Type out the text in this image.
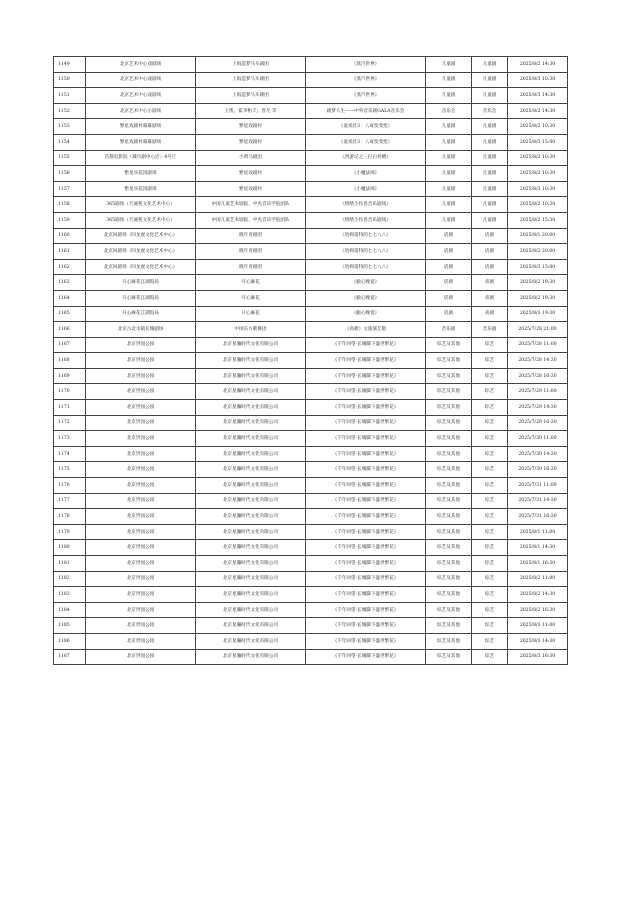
1149	北京艺术中心戏剧场	上海造梦马车剧团	《蒸汽世界》	儿童剧	儿童剧	2025/8/2 14:30
1150	北京艺术中心戏剧场	上海造梦马车剧团	《蒸汽世界》	儿童剧	儿童剧	2025/8/3 10:30
1151	北京艺术中心戏剧场	上海造梦马车剧团	《蒸汽世界》	儿童剧	儿童剧	2025/8/3 14:30
1152	北京艺术中心小剧场	王凯、霍李桁天、晋凡 等	剧梦人生——中外音乐剧GALA音乐会	音乐会	音乐会	2025/8/2 14:30
1153	繁星戏剧村幕幕剧场	繁星戏剧村	《童戏社3：八戒变变变》	儿童剧	儿童剧	2025/8/2 10:30
1154	繁星戏剧村幕幕剧场	繁星戏剧村	《童戏社3：八戒变变变》	儿童剧	儿童剧	2025/8/3 15:00
1155	首都电影院（城市副中心店）4号厅	小黄马剧团	《西游记之三打白骨精》	儿童剧	儿童剧	2025/8/2 10:30
1156	繁星乐花园剧场	繁星戏剧村	《小魔法师》	儿童剧	儿童剧	2025/8/2 10:30
1157	繁星乐花园剧场	繁星戏剧村	《小魔法师》	儿童剧	儿童剧	2025/8/3 10:30
1158	365剧场（天通苑文化艺术中心）	中国儿童艺术剧院、中央音乐学院团队	《情绪小怪兽音乐剧场》	儿童剧	儿童剧	2025/8/2 10:30
1159	365剧场（天通苑文化艺术中心）	中国儿童艺术剧院、中央音乐学院团队	《情绪小怪兽音乐剧场》	儿童剧	儿童剧	2025/8/2 15:30
1160	北京回剧场（回龙观文化艺术中心）	晓年青剧团	《哈姆雷特的七七八八》	话剧	话剧	2025/8/1 20:00
1161	北京回剧场（回龙观文化艺术中心）	晓年青剧团	《哈姆雷特的七七八八》	话剧	话剧	2025/8/2 20:00
1162	北京回剧场（回龙观文化艺术中心）	晓年青剧团	《哈姆雷特的七七八八》	话剧	话剧	2025/8/3 15:00
1163	开心麻花江湖饭局	开心麻花	《偷心晚宴》	话剧	喜剧	2025/8/2 19:30
1164	开心麻花江湖饭局	开心麻花	《偷心晚宴》	话剧	喜剧	2025/8/2 19:30
1165	开心麻花江湖饭局	开心麻花	《偷心晚宴》	话剧	喜剧	2025/8/3 19:30
1166	北京古北水镇长城剧场	中国东方歌舞团	《高歌》文旅演艺版	音乐剧	音乐剧	2025/7/28 21:00
1167	北京世园公园	北京星瀚时代文化有限公司	《千年回望·长城脚下盛世繁花》	综艺及其他	综艺	2025/7/28 11:00
1168	北京世园公园	北京星瀚时代文化有限公司	《千年回望·长城脚下盛世繁花》	综艺及其他	综艺	2025/7/28 14:30
1169	北京世园公园	北京星瀚时代文化有限公司	《千年回望·长城脚下盛世繁花》	综艺及其他	综艺	2025/7/28 16:30
1170	北京世园公园	北京星瀚时代文化有限公司	《千年回望·长城脚下盛世繁花》	综艺及其他	综艺	2025/7/29 11:00
1171	北京世园公园	北京星瀚时代文化有限公司	《千年回望·长城脚下盛世繁花》	综艺及其他	综艺	2025/7/29 14:30
1172	北京世园公园	北京星瀚时代文化有限公司	《千年回望·长城脚下盛世繁花》	综艺及其他	综艺	2025/7/29 16:30
1173	北京世园公园	北京星瀚时代文化有限公司	《千年回望·长城脚下盛世繁花》	综艺及其他	综艺	2025/7/30 11:00
1174	北京世园公园	北京星瀚时代文化有限公司	《千年回望·长城脚下盛世繁花》	综艺及其他	综艺	2025/7/30 14:30
1175	北京世园公园	北京星瀚时代文化有限公司	《千年回望·长城脚下盛世繁花》	综艺及其他	综艺	2025/7/30 16:30
1176	北京世园公园	北京星瀚时代文化有限公司	《千年回望·长城脚下盛世繁花》	综艺及其他	综艺	2025/7/31 11:00
1177	北京世园公园	北京星瀚时代文化有限公司	《千年回望·长城脚下盛世繁花》	综艺及其他	综艺	2025/7/31 14:30
1178	北京世园公园	北京星瀚时代文化有限公司	《千年回望·长城脚下盛世繁花》	综艺及其他	综艺	2025/7/31 16:30
1179	北京世园公园	北京星瀚时代文化有限公司	《千年回望·长城脚下盛世繁花》	综艺及其他	综艺	2025/8/1 11:00
1180	北京世园公园	北京星瀚时代文化有限公司	《千年回望·长城脚下盛世繁花》	综艺及其他	综艺	2025/8/1 14:30
1181	北京世园公园	北京星瀚时代文化有限公司	《千年回望·长城脚下盛世繁花》	综艺及其他	综艺	2025/8/1 16:30
1182	北京世园公园	北京星瀚时代文化有限公司	《千年回望·长城脚下盛世繁花》	综艺及其他	综艺	2025/8/2 11:00
1183	北京世园公园	北京星瀚时代文化有限公司	《千年回望·长城脚下盛世繁花》	综艺及其他	综艺	2025/8/2 14:30
1184	北京世园公园	北京星瀚时代文化有限公司	《千年回望·长城脚下盛世繁花》	综艺及其他	综艺	2025/8/2 16:30
1185	北京世园公园	北京星瀚时代文化有限公司	《千年回望·长城脚下盛世繁花》	综艺及其他	综艺	2025/8/3 11:00
1186	北京世园公园	北京星瀚时代文化有限公司	《千年回望·长城脚下盛世繁花》	综艺及其他	综艺	2025/8/3 14:30
1187	北京世园公园	北京星瀚时代文化有限公司	《千年回望·长城脚下盛世繁花》	综艺及其他	综艺	2025/8/3 16:30
